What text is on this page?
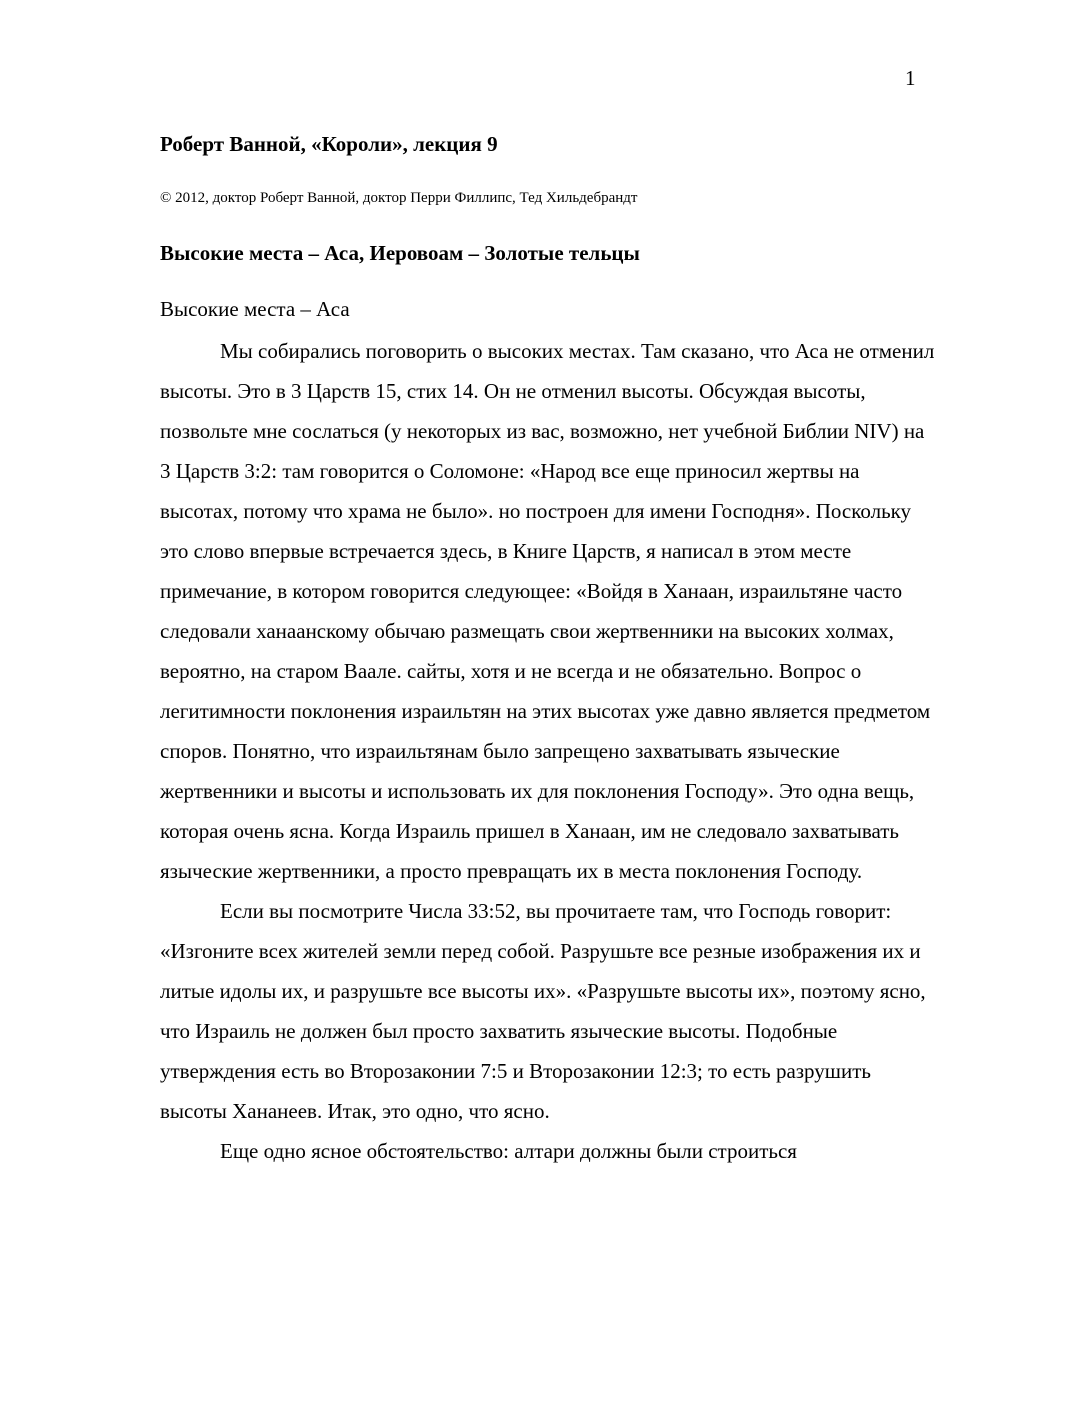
1
Роберт Ванной, «Короли», лекция 9

© 2012, доктор Роберт Ванной, доктор Перри Филлипс, Тед Хильдебрандт

Высокие места – Аса, Иеровоам – Золотые тельцы

Высокие места – Аса

Мы собирались поговорить о высоких местах. Там сказано, что Аса не отменил высоты. Это в 3 Царств 15, стих 14. Он не отменил высоты. Обсуждая высоты, позвольте мне сослаться (у некоторых из вас, возможно, нет учебной Библии NIV) на 3 Царств 3:2: там говорится о Соломоне: «Народ все еще приносил жертвы на высотах, потому что храма не было». но построен для имени Господня». Поскольку это слово впервые встречается здесь, в Книге Царств, я написал в этом месте примечание, в котором говорится следующее: «Войдя в Ханаан, израильтяне часто следовали ханаанскому обычаю размещать свои жертвенники на высоких холмах, вероятно, на старом Ваале. сайты, хотя и не всегда и не обязательно. Вопрос о легитимности поклонения израильтян на этих высотах уже давно является предметом споров. Понятно, что израильтянам было запрещено захватывать языческие жертвенники и высоты и использовать их для поклонения Господу». Это одна вещь, которая очень ясна. Когда Израиль пришел в Ханаан, им не следовало захватывать языческие жертвенники, а просто превращать их в места поклонения Господу.

Если вы посмотрите Числа 33:52, вы прочитаете там, что Господь говорит: «Изгоните всех жителей земли перед собой. Разрушьте все резные изображения их и литые идолы их, и разрушьте все высоты их». «Разрушьте высоты их», поэтому ясно, что Израиль не должен был просто захватить языческие высоты. Подобные утверждения есть во Второзаконии 7:5 и Второзаконии 12:3; то есть разрушить высоты Хананеев. Итак, это одно, что ясно.

Еще одно ясное обстоятельство: алтари должны были строиться
